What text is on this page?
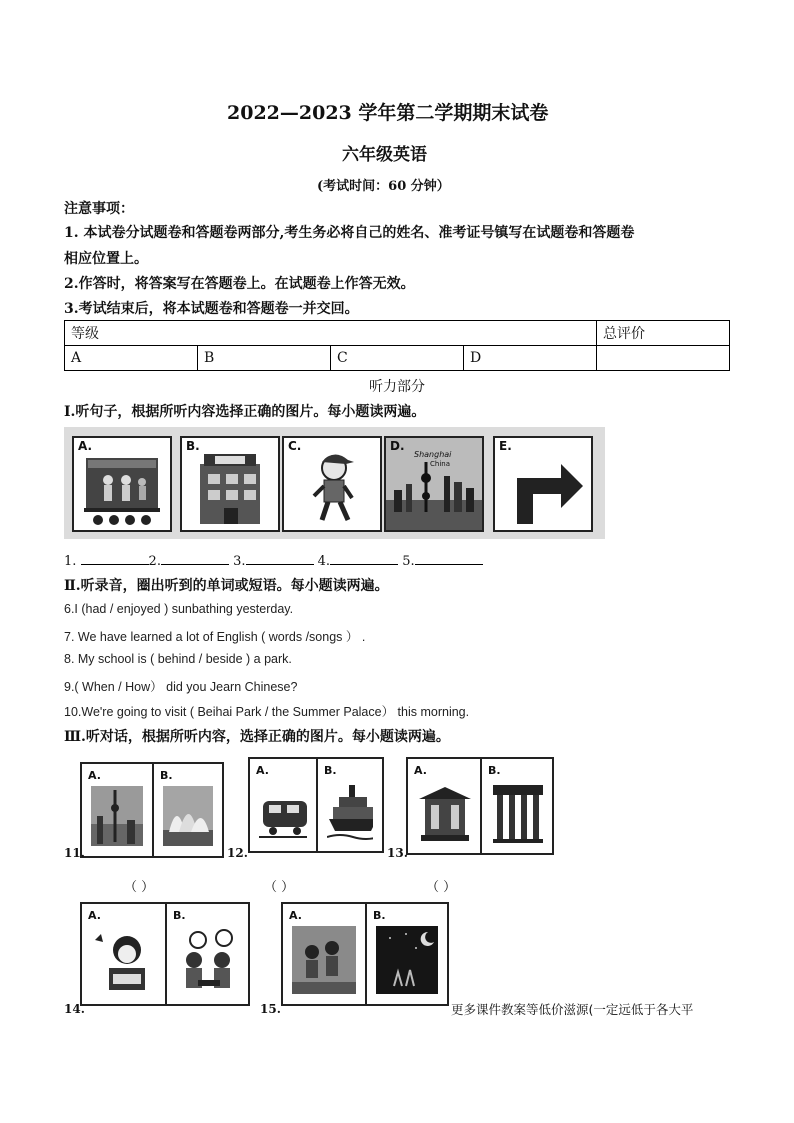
2022—2023 学年第二学期期末试卷
六年级英语
(考试时间：60 分钟）
注意事项：
1. 本试卷分试题卷和答题卷两部分,考生务必将自己的姓名、准考证号镇写在试题卷和答题卷
相应位置上。
2.作答时，将答案写在答题卷上。在试题卷上作答无效。
3.考试结束后，将本试题卷和答题卷一并交回。
等级				总评价
A	B	C	D	
听力部分
I.听句子，根据所听内容选择正确的图片。每小题读两遍。
A.	B.	C.	D.
Shanghai
China
E.
1.	2.	3.	4.	5.
Ⅱ.听录音，圈出听到的单词或短语。每小题读两遍。
6.I (had / enjoyed ) sunbathing yesterday.
7. We have learned a lot of English ( words /songs ） .
8. My school is ( behind / beside ) a park.
9.( When / How） did you Jearn Chinese?
10.We're going to visit ( Beihai Park / the Summer Palace） this morning.
Ⅲ.听对话，根据所听内容，选择正确的图片。每小题读两遍。
A.	B.
11.
（ ）
A.	B.
12.
（ ）
A.	B.
13.
（ ）
A.	B.
14.
A.	B.
15.	更多课件教案等低价滋源(一定远低于各大平
